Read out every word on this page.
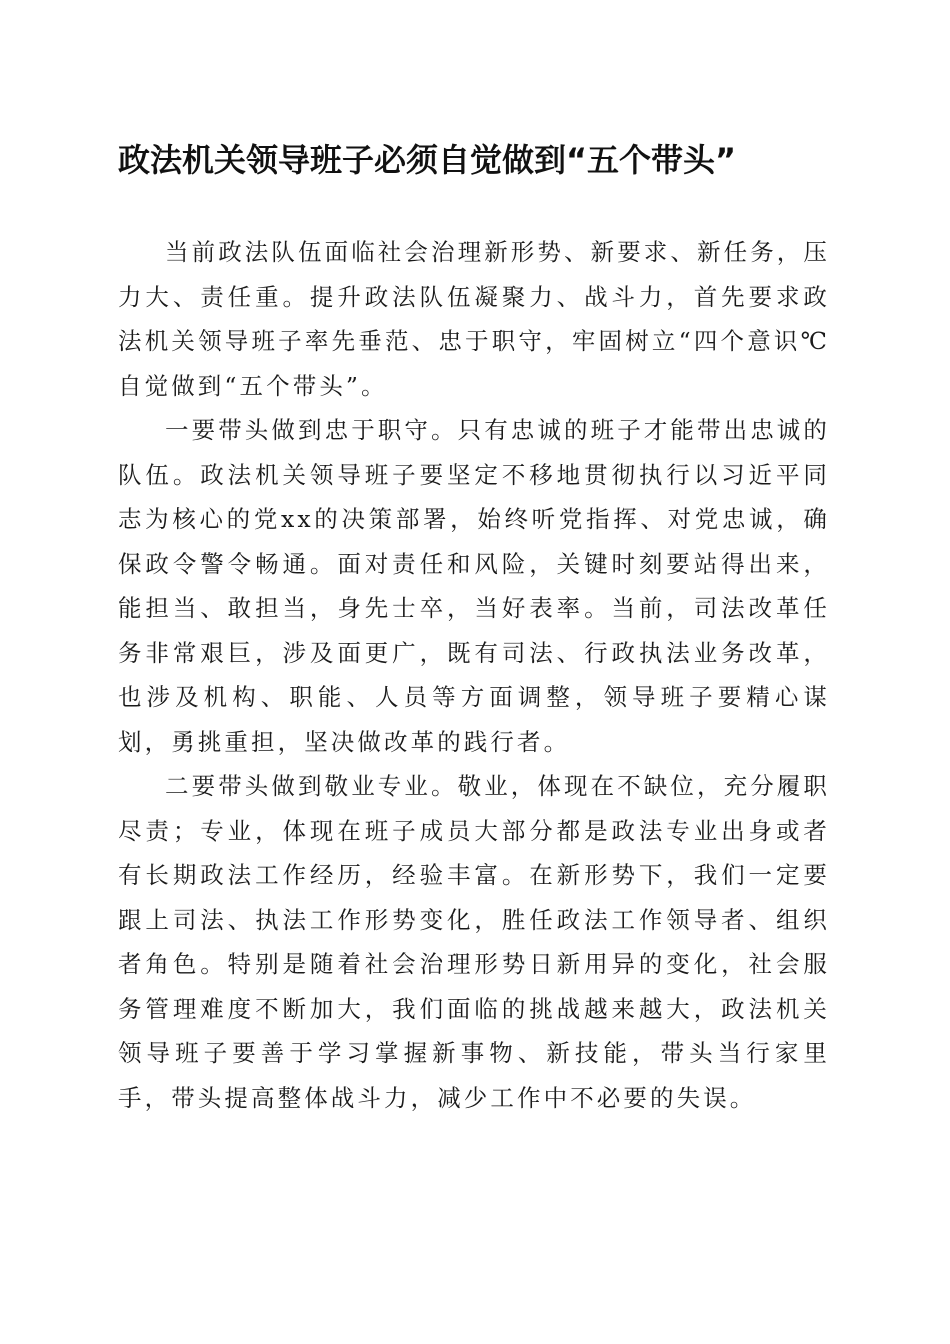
政法机关领导班子必须自觉做到“五个带头”

当前政法队伍面临社会治理新形势、新要求、新任务，压力大、责任重。提升政法队伍凝聚力、战斗力，首先要求政法机关领导班子率先垂范、忠于职守，牢固树立“四个意识℃自觉做到“五个带头”。

一要带头做到忠于职守。只有忠诚的班子才能带出忠诚的队伍。政法机关领导班子要坚定不移地贯彻执行以习近平同志为核心的党xx的决策部署，始终听党指挥、对党忠诚，确保政令警令畅通。面对责任和风险，关键时刻要站得出来，能担当、敢担当，身先士卒，当好表率。当前，司法改革任务非常艰巨，涉及面更广，既有司法、行政执法业务改革，也涉及机构、职能、人员等方面调整，领导班子要精心谋划，勇挑重担，坚决做改革的践行者。

二要带头做到敬业专业。敬业，体现在不缺位，充分履职尽责；专业，体现在班子成员大部分都是政法专业出身或者有长期政法工作经历，经验丰富。在新形势下，我们一定要跟上司法、执法工作形势变化，胜任政法工作领导者、组织者角色。特别是随着社会治理形势日新用异的变化，社会服务管理难度不断加大，我们面临的挑战越来越大，政法机关领导班子要善于学习掌握新事物、新技能，带头当行家里手，带头提高整体战斗力，减少工作中不必要的失误。
